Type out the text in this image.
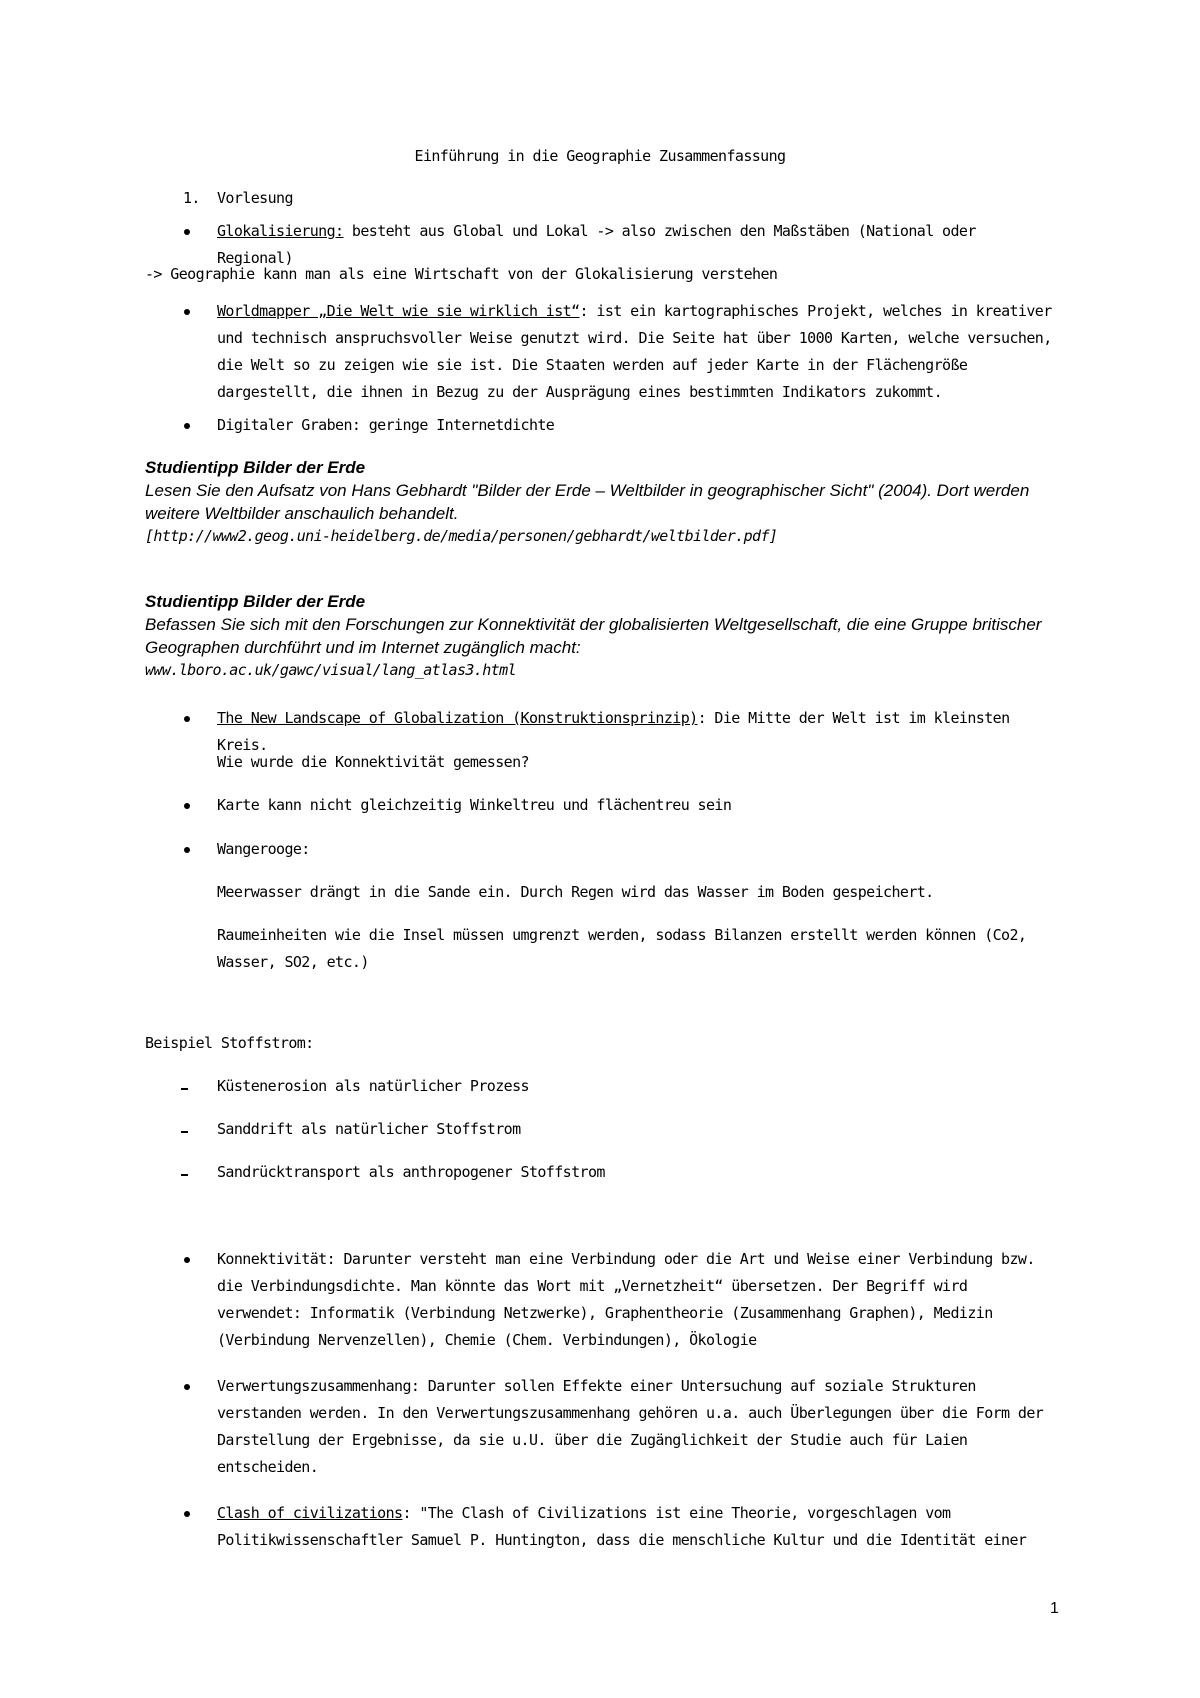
Einführung in die Geographie Zusammenfassung
1. Vorlesung
Glokalisierung: besteht aus Global und Lokal -> also zwischen den Maßstäben (National oder Regional)
-> Geographie kann man als eine Wirtschaft von der Glokalisierung verstehen
Worldmapper „Die Welt wie sie wirklich ist“: ist ein kartographisches Projekt, welches in kreativer und technisch anspruchsvoller Weise genutzt wird. Die Seite hat über 1000 Karten, welche versuchen, die Welt so zu zeigen wie sie ist. Die Staaten werden auf jeder Karte in der Flächengröße dargestellt, die ihnen in Bezug zu der Ausprägung eines bestimmten Indikators zukommt.
Digitaler Graben: geringe Internetdichte
Studientipp Bilder der Erde
Lesen Sie den Aufsatz von Hans Gebhardt "Bilder der Erde – Weltbilder in geographischer Sicht" (2004). Dort werden weitere Weltbilder anschaulich behandelt.
[http://www2.geog.uni-heidelberg.de/media/personen/gebhardt/weltbilder.pdf]
Studientipp Bilder der Erde
Befassen Sie sich mit den Forschungen zur Konnektivität der globalisierten Weltgesellschaft, die eine Gruppe britischer Geographen durchführt und im Internet zugänglich macht:
www.lboro.ac.uk/gawc/visual/lang_atlas3.html
The New Landscape of Globalization (Konstruktionsprinzip): Die Mitte der Welt ist im kleinsten Kreis.
Wie wurde die Konnektivität gemessen?
Karte kann nicht gleichzeitig Winkeltreu und flächentreu sein
Wangerooge:
Meerwasser drängt in die Sande ein. Durch Regen wird das Wasser im Boden gespeichert.
Raumeinheiten wie die Insel müssen umgrenzt werden, sodass Bilanzen erstellt werden können (Co2, Wasser, SO2, etc.)
Beispiel Stoffstrom:
Küstenerosion als natürlicher Prozess
Sanddrift als natürlicher Stoffstrom
Sandrücktransport als anthropogener Stoffstrom
Konnektivität: Darunter versteht man eine Verbindung oder die Art und Weise einer Verbindung bzw. die Verbindungsdichte. Man könnte das Wort mit „Vernetzheit“ übersetzen. Der Begriff wird verwendet: Informatik (Verbindung Netzwerke), Graphentheorie (Zusammenhang Graphen), Medizin (Verbindung Nervenzellen), Chemie (Chem. Verbindungen), Ökologie
Verwertungszusammenhang: Darunter sollen Effekte einer Untersuchung auf soziale Strukturen verstanden werden. In den Verwertungszusammenhang gehören u.a. auch Überlegungen über die Form der Darstellung der Ergebnisse, da sie u.U. über die Zugänglichkeit der Studie auch für Laien entscheiden.
Clash of civilizations: "The Clash of Civilizations ist eine Theorie, vorgeschlagen vom Politikwissenschaftler Samuel P. Huntington, dass die menschliche Kultur und die Identität einer
1
